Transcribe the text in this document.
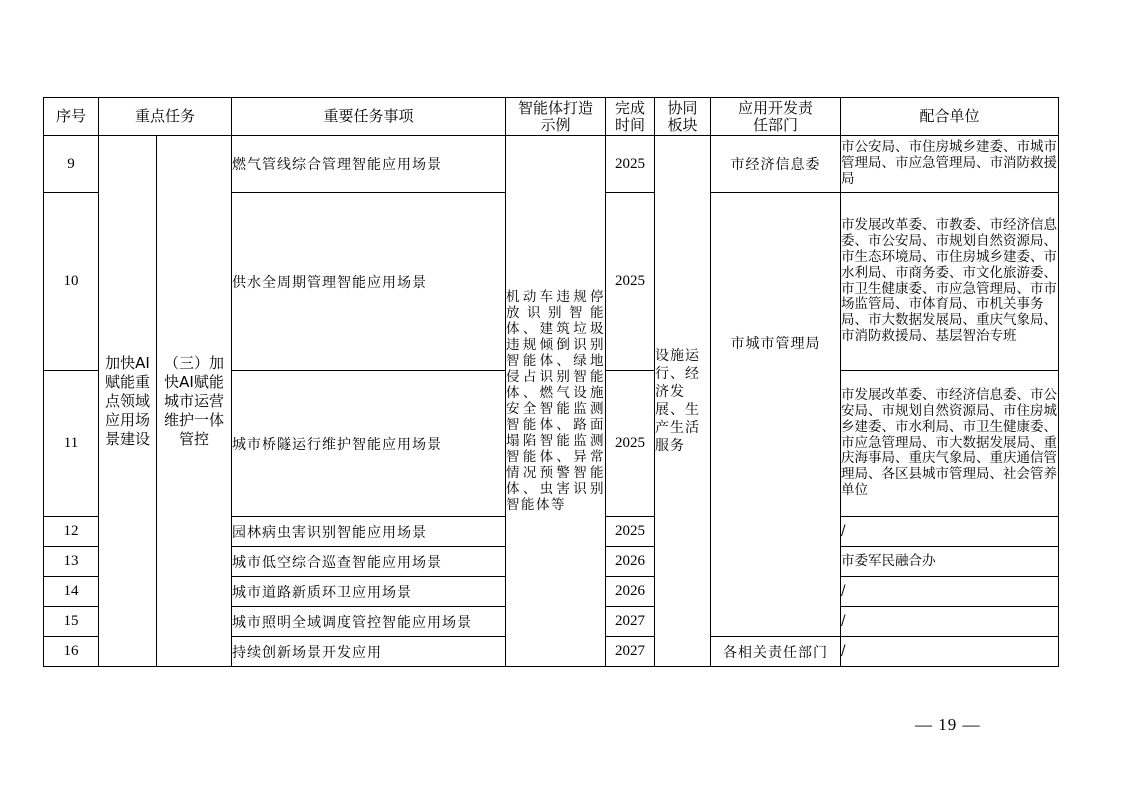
序号	重点任务		重要任务事项	智能体打造示例	完成时间	协同板块	应用开发责任部门	配合单位
9	加快AI赋能重点领域应用场景建设	（三）加快AI赋能城市运营维护一体管控	燃气管线综合管理智能应用场景	机动车违规停放识别智能体、建筑垃圾违规倾倒识别智能体、绿地侵占识别智能体、燃气设施安全智能监测智能体、路面塌陷智能监测智能体、异常情况预警智能体、虫害识别智能体等	2025	设施运行、经济发展、生产生活服务	市经济信息委	市公安局、市住房城乡建委、市城市管理局、市应急管理局、市消防救援局
10			供水全周期管理智能应用场景		2025		市城市管理局	市发展改革委、市教委、市经济信息委、市公安局、市规划自然资源局、市生态环境局、市住房城乡建委、市水利局、市商务委、市文化旅游委、市卫生健康委、市应急管理局、市市场监管局、市体育局、市机关事务局、市大数据发展局、重庆气象局、市消防救援局、基层智治专班
11			城市桥隧运行维护智能应用场景		2025			市发展改革委、市经济信息委、市公安局、市规划自然资源局、市住房城乡建委、市水利局、市卫生健康委、市应急管理局、市大数据发展局、重庆海事局、重庆气象局、重庆通信管理局、各区县城市管理局、社会管养单位
12			园林病虫害识别智能应用场景		2025			/
13			城市低空综合巡查智能应用场景		2026			市委军民融合办
14			城市道路新质环卫应用场景		2026			/
15			城市照明全域调度管控智能应用场景		2027			/
16			持续创新场景开发应用		2027		各相关责任部门	/
— 19 —
